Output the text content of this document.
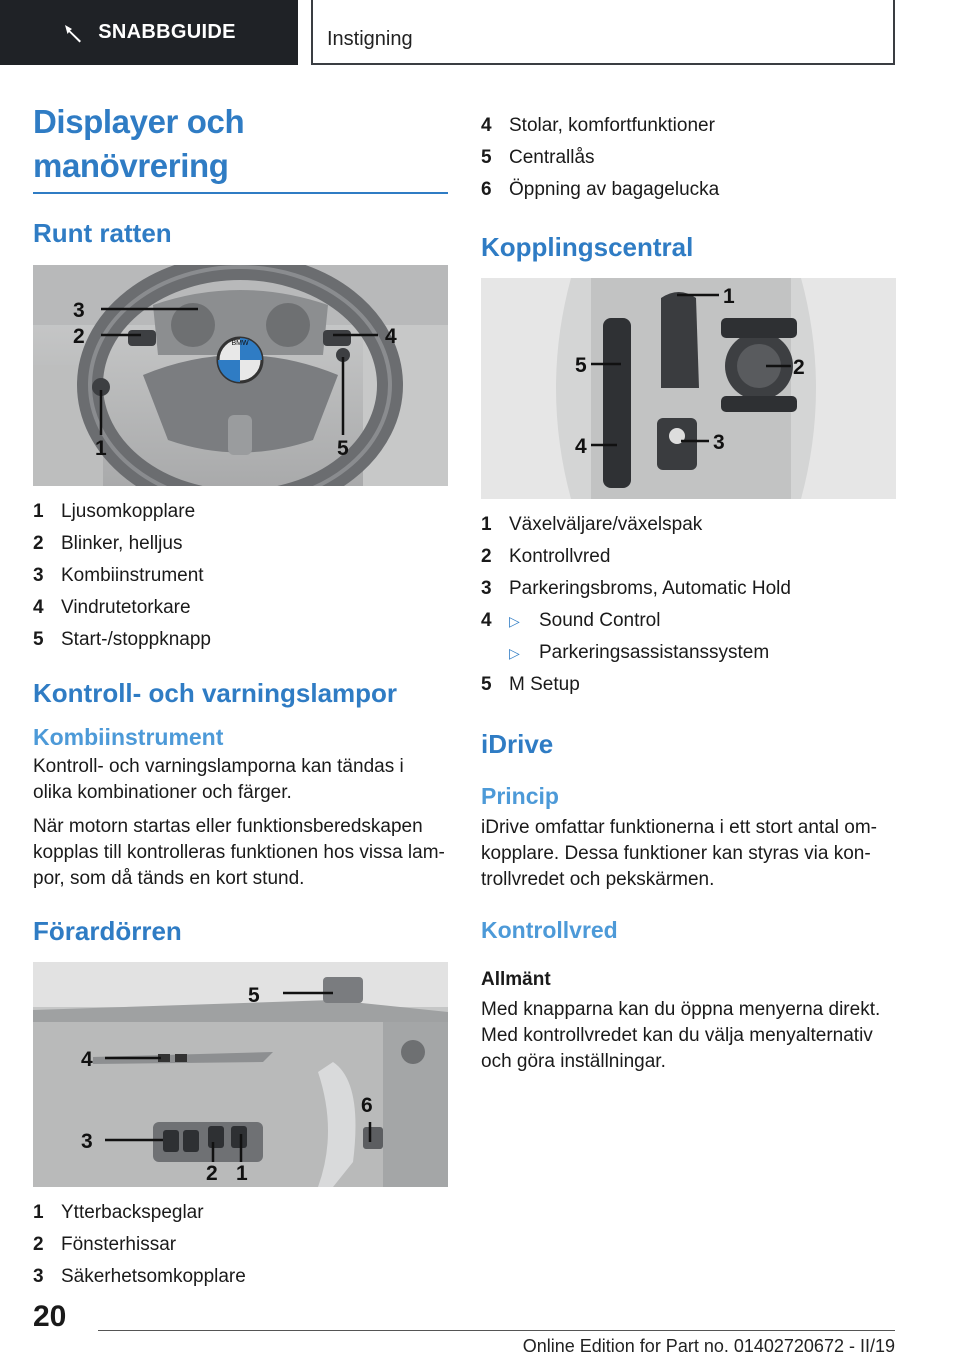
SNABBGUIDE	Instigning
Displayer och manövrering
Runt ratten
BMW
3
2	4
1	5
1 Ljusomkopplare
2 Blinker, helljus
3 Kombiinstrument
4 Vindrutetorkare
5 Start-/stoppknapp
Kontroll- och varningslampor
Kombiinstrument

Kontroll- och varningslamporna kan tändas i olika kombinationer och färger.

När motorn startas eller funktionsberedskapen kopplas till kontrolleras funktionen hos vissa lam-por, som då tänds en kort stund.

Förardörren
5
4
6
3
2 1
1 Ytterbackspeglar
2 Fönsterhissar
3 Säkerhetsomkopplare
4 Stolar, komfortfunktioner
5 Centrallås
6 Öppning av bagagelucka
Kopplingscentral
1
5	2
4	3
1 Växelväljare/växelspak
2 Kontrollvred
3 Parkeringsbroms, Automatic Hold
4	▷	Sound Control
▷	Parkeringsassistanssystem
5 M Setup
iDrive
Princip

iDrive omfattar funktionerna i ett stort antal om-kopplare. Dessa funktioner kan styras via kon-trollvredet och pekskärmen.

Kontrollvred
Allmänt

Med knapparna kan du öppna menyerna direkt. Med kontrollvredet kan du välja menyalternativ och göra inställningar.

20
Online Edition for Part no. 01402720672 - II/19
